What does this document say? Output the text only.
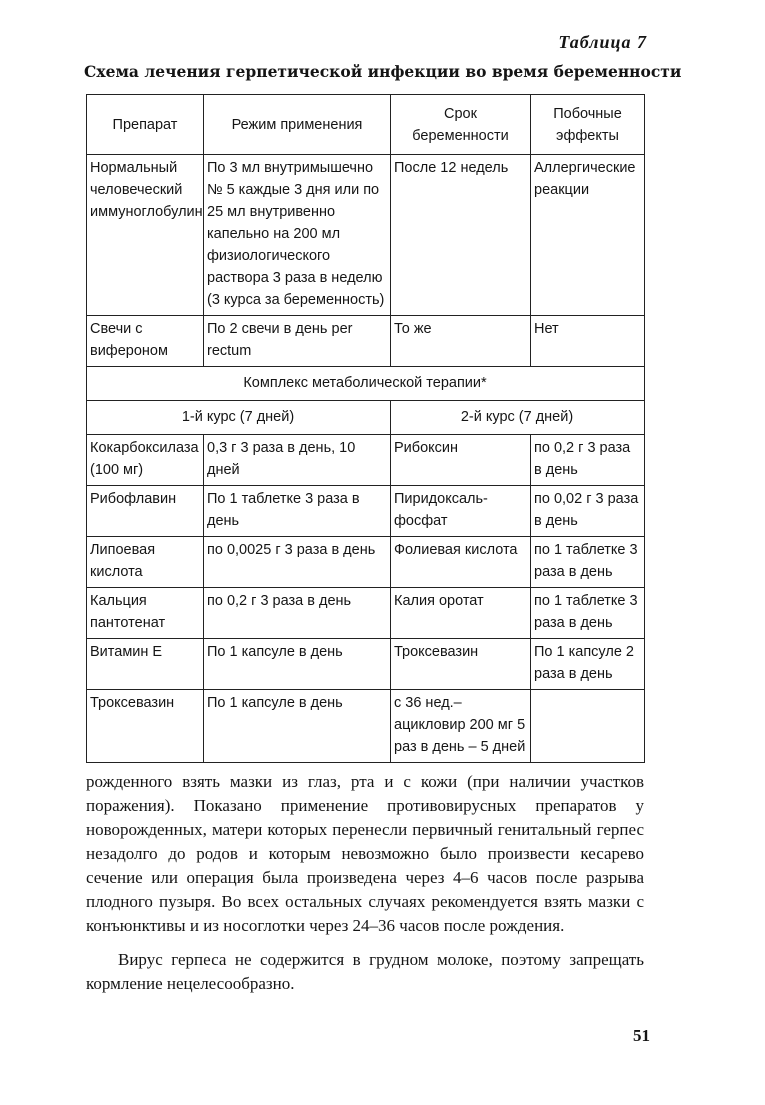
Таблица 7
Схема лечения герпетической инфекции во время беременности
Препарат	Режим применения	Срок беременности	Побочные эффекты
Нормальный человеческий иммуноглобулин	По 3 мл внутримышечно № 5 каждые 3 дня или по 25 мл внутривенно капельно на 200 мл физиологического раствора 3 раза в неделю (3 курса за беременность)	После 12 недель	Аллергические реакции
Свечи с вифероном	По 2 свечи в день per rectum	То же	Нет
Комплекс метаболической терапии*			
1-й курс (7 дней)		2-й курс (7 дней)	
Кокарбоксилаза (100 мг)	0,3 г 3 раза в день, 10 дней	Рибоксин	по 0,2 г 3 раза в день
Рибофлавин	По 1 таблетке 3 раза в день	Пиридоксаль-фосфат	по 0,02 г 3 раза в день
Липоевая кислота	по 0,0025 г 3 раза в день	Фолиевая кислота	по 1 таблетке 3 раза в день
Кальция пантотенат	по 0,2 г 3 раза в день	Калия оротат	по 1 таблетке 3 раза в день
Витамин Е	По 1 капсуле в день	Троксевазин	По 1 капсуле 2 раза в день
Троксевазин	По 1 капсуле в день	с 36 нед.– ацикловир 200 мг 5 раз в день – 5 дней	

рожденного взять мазки из глаз, рта и с кожи (при наличии участков поражения). Показано применение противовирусных препаратов у новорожденных, матери которых перенесли первичный генитальный герпес незадолго до родов и которым невозможно было произвести кесарево сечение или операция была произведена через 4–6 часов после разрыва плодного пузыря. Во всех остальных случаях рекомендуется взять мазки с конъюнктивы и из носоглотки через 24–36 часов после рождения.

Вирус герпеса не содержится в грудном молоке, поэтому запрещать кормление нецелесообразно.

51
